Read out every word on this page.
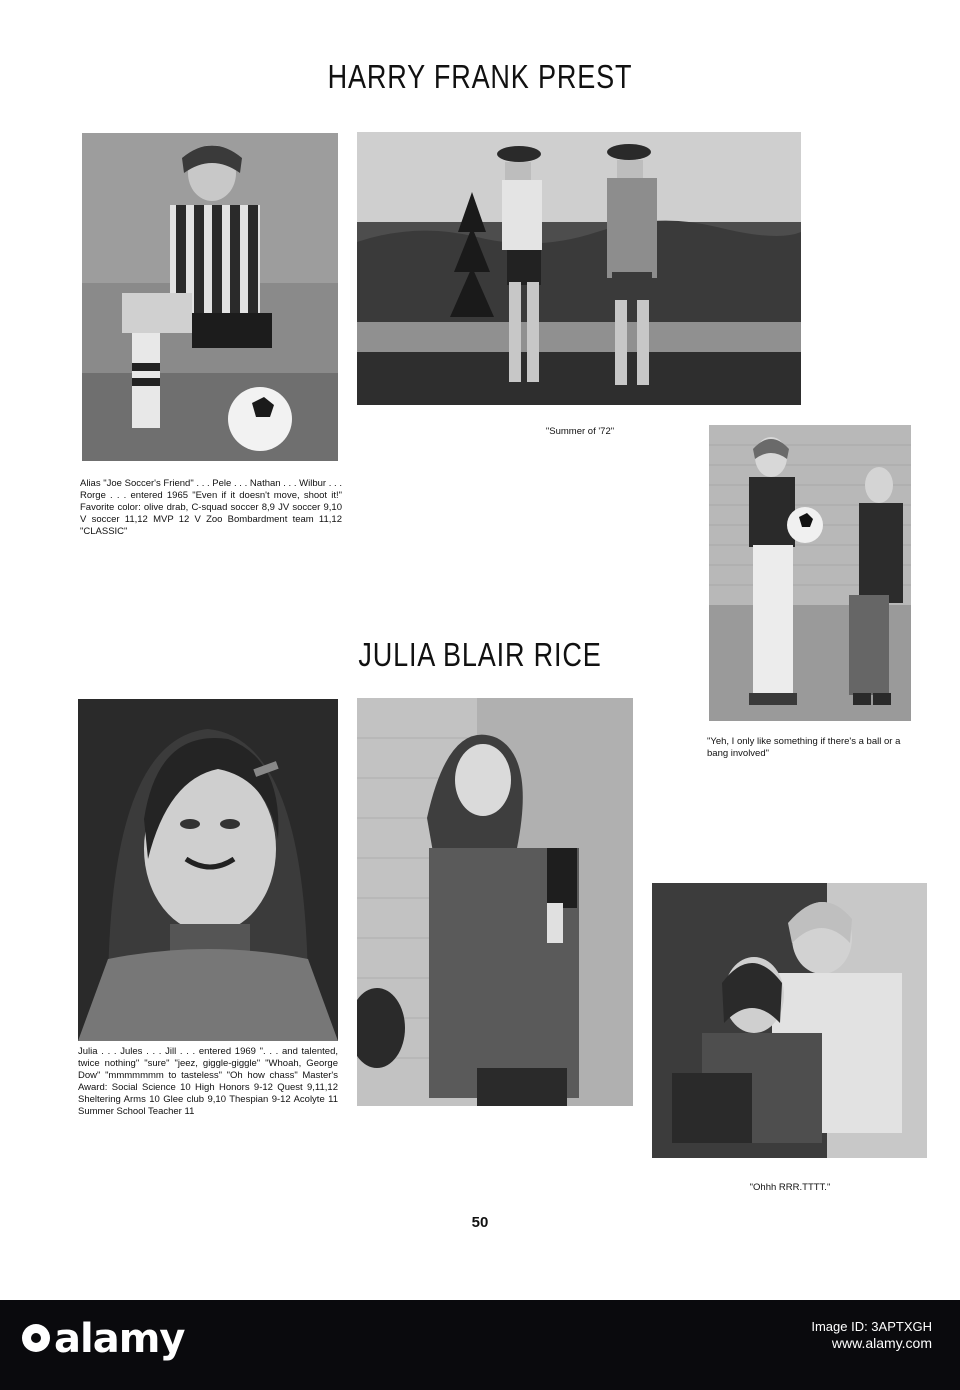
HARRY FRANK PREST
"Summer of '72"
"Yeh, I only like something if there's a ball or a bang involved"
Alias "Joe Soccer's Friend" . . . Pele . . . Nathan . . . Wilbur . . . Rorge . . . entered 1965 "Even if it doesn't move, shoot it!" Favorite color: olive drab, C-squad soccer 8,9 JV soccer 9,10 V soccer 11,12 MVP 12 V Zoo Bombardment team 11,12 "CLASSIC"
JULIA BLAIR RICE
Julia . . . Jules . . . Jill . . . entered 1969 ". . . and talented, twice nothing" "sure" "jeez, giggle-giggle" "Whoah, George Dow" "mmmmmmm to tasteless" "Oh how chass" Master's Award: Social Science 10 High Honors 9-12 Quest 9,11,12 Sheltering Arms 10 Glee club 9,10 Thespian 9-12 Acolyte 11 Summer School Teacher 11
"Ohhh RRR.TTTT."
50
alamy	Image ID: 3APTXGH
www.alamy.com
